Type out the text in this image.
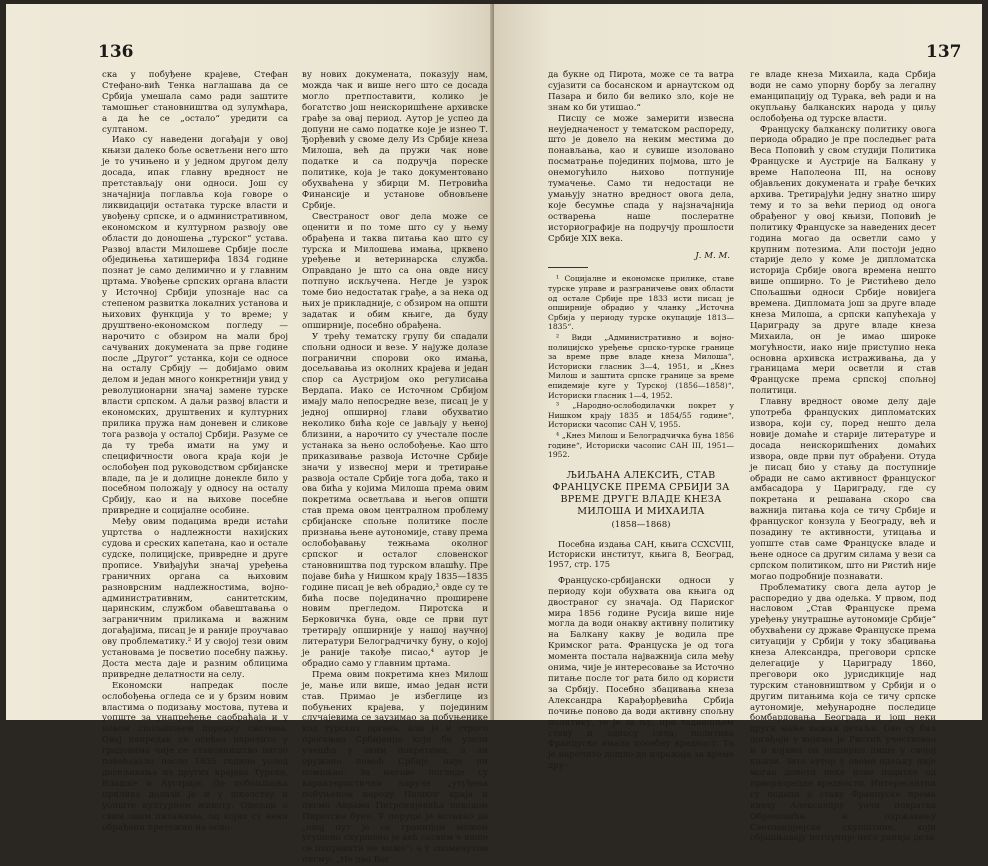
136

ска у побуђене крајеве, Стефан Стефано-вић Тенка наглашава да се Србија умешала само ради заштите тамошњег становништва од зулумћара, а да ће се „остало“ уредити са султаном.

Иако су наведени догађаји у овој књизи далеко боље осветљени него што је то учињено и у једном другом делу досада, ипак главну вредност не претстављају они односи. Још су значајнија поглавља која говоре о ликвидацији остатака турске власти и увођењу српске, и о административном, економском и културном развоју ове области до доношења „турског“ устава. Развој власти Милошеве Србије после обједињења хатишерифа 1834 године познат је само делимично и у главним цртама. Увођење српских органа власти у Источној Србији упознаје нас са степеном развитка локалних установа и њихових функција у то време; у друштвено-економском погледу — нарочито с обзиром на мали број сачуваних докумената за прве године после „Другог“ устанка, који се односе на осталу Србију — добијамо овим делом и један много конкретнији увид у револуционарни значај замене турске власти српском. А даљи развој власти и економских, друштвених и културних прилика пружа нам доневен и сликове тога развоја у осталој Србији. Разуме се да ту треба имати на уму и специфичности овога краја који је ослобођен под руководством србијанске владе, па је и долицне донекле било у посебном положају у односу на осталу Србију, као и на њихове посебне привредне и социјалне особине.

Међу овим подацима вреди истаћи уцртства о надлежности нахијских судова и среских капетана, као и остале судске, полицијске, привредне и друге прописе. Увиђајући значај уређења граничних органа са њиховим разноврсним надлежностима, војно-административним, санитетским, царинским, службом обавештавања о заграничним приликама и важним догађајима, писац је и раније проучавао ову проблематику.² И у својој тези овим установама је посветио посебну пажњу. Доста места даје и разним облицима привредне делатности на селу.

Економски напредак после ослобођења огледа се и у брзим новим властима о подизању мостова, путева и уопште за унапређење саобраћаја и у новом спољашњем поредку система. Овај напредак се осећао нарочито у градовима чије се становништво нагло повећавало после 1835 године услед досељавања из других крајева Турске, Влашке и Аустрије. До побољшања прилика долази је и у школству и уопште културном животу. Одељци о свим овим питањима, од којих су неки обрађени претежно на осно-

ву нових докумената, показују нам, можда чак и више него што се досада могло претпоставити, колико је богатство још неискоришћене архивске грађе за овај период. Аутор је успео да допуни не само податке које је изнео Т. Ђорђевић у своме делу Из Србије кнеза Милоша, већ да пружи чак нове податке и са подручја пореске политике, која је тако документовано обухваћена у збирци М. Петровића Финансије и установе обновљене Србије.

Свестраност овог дела може се оценити и по томе што су у њему обрађена и таква питања као што су турска и Милошева имања, црквено уређење и ветеринарска служба. Оправдано је што са она овде нису потпуно искључена. Негде је узрок томе био недостатак грађе, а за нека од њих је прикладније, с обзиром на општи задатак и обим књиге, да буду опширније, посебно обрађена.

У трећу тематску групу би спадали спољни односи и везе. У најуже долазе погранични спорови око имања, досељавања из околних крајева и један спор са Аустријом око регулисања Вердапа. Иако се Источном Србијом имају мало непосредне везе, писац је у једној опширној глави обухватио неколико бића које се јављају у њеној близини, а нарочито су учестале после устанака за њено ослобођење. Као што приказивање развоја Источне Србије значи у извесној мери и третирање развоја остале Србије тога доба, тако и ова бића у којима Милоша према овим покретима осветљава и његов општи став према овом централном проблему србијанске спољне политике после признања њене аутономије, ставу према ослобођавању тежњама околног српског и осталог словенског становништва под турском влашћу. Пре појаве бића у Нишком крају 1835—1835 године писац је већ обрадио,³ овде су те бића посве појединачно проширене новим прегледом. Пиротска и Берковичка буна, овде се први пут третирају опширније у нашој научној литератури Белоградчичку буну, о којој је раније такође писао,⁴ аутор је обрадио само у главним цртама.

Према овим покретима кнез Милош је, мање или више, имао један исти став. Примао је избеглице из побуњених крајева, у појединим случајевима се заузимао за побуњенике код турских органа, али је и строго прогањао Србијанце који би узели учешћа у овим покретима, а ли оружано помоћ Србије није ни помињао. За његове погледе су карактеристични наруча „утуђена побуњеном народу Нишког краја и писмо Аврама Петронијевића поводом Пиротске буне. У поруци је истакао да „овај пут је са границом можом угушено скуршено је већ сасвим е више се поправити не може“; а у споменутом писму: „Не дао Бог

137

да букне од Пирота, може се та ватра сујазити са босанском и арнаутском од Пазара и било би велико зло, које не знам ко би утишао.“

Писцу се може замерити извесна неуједначеност у тематском распореду, што је довело на неким местима до понављања, као и сувише изоловано посматрање појединих појмова, што је онемогућило њихово потпуније тумачење. Само ти недостаци не умањују знатно вредност овога дела, које бесумње спада у најзначајнија остварења наше послератне историографије на подручју прошлости Србије XIX века.

Ј. М. М.

¹ Социјалне и економске прилике, ставе турске управе и разграничење ових области од остале Србије пре 1833 исти писац је опширније обрадио у чланку „Источна Србија у периоду турске окупације 1813—1835“.

² Види „Административно и војно-полицијско уређење српско-турске границе за време прве владе кнеза Милоша“, Историски гласник 3—4, 1951, и „Кнез Милош и заштита српске границе за време епидемије куге у Турској (1856—1858)“, Историски гласник 1—4, 1952.

³ „Народно-ослободилачки покрет у Нишком крају 1835 и 1854/55 године“, Историски часопис САН V, 1955.

⁴ „Кнез Милош и Белоградчичка буна 1856 године“, Историски часопис САН III, 1951—1952.

ЉИЉАНА АЛЕКСИЋ, СТАВ ФРАНЦУСКЕ ПРЕМА СРБИЈИ ЗА ВРЕМЕ ДРУГЕ ВЛАДЕ КНЕЗА МИЛОША И МИХАИЛА
(1858—1868)

Посебна издања САН, књига CCXCVIII, Историски институт, књига 8, Београд, 1957, стр. 175

Француско-србијански односи у периоду који обухвата ова књига од двостраног су значаја. Од Париског мира 1856 године Русија више није могла да води онакву активну политику на Балкану какву је водила пре Кримског рата. Француска је од тога момента постала најважнија сила међу онима, чије је интересовање за Источно питање после тог рата било од користи за Србију. Посебно збацивања кнеза Александра Карађорђевића Србија почиње поново да води активну спољну политику, те је за њу, при таданшњем ставу и односу сила, политика Француске имала посебну вредност. То је нарочито дошло до изражаја за време дру-

ге владе кнеза Михаила, када Србија води не само упорну борбу за легалну еманципацију од Турака, већ ради и на окупљању балканских народа у циљу ослобођења од турске власти.

Француску балканску политику овога периода обрадио је пре последњег рата Веса Поповић у свом студији Политика Француске и Аустрије на Балкану у време Наполеона III, на основу објављених докумената и грађе бечких архива. Третирајући једну знатно ширу тему и то за већи период од онога обрађеног у овој књизи, Поповић је политику Француске за наведених десет година могао да осветли само у крупним потезима. Али постоји једно старије дело у коме је дипломатска историја Србије овога времена нешто више опширно. То је Ристићево дело Спољашњи односи Србије новијега времена. Дипломата још за друге владе кнеза Милоша, а српски капућехаја у Цариграду за друге владе кнеза Михаила, он је имао широке могућности, иако није приступио нека основна архивска истраживања, да у границама мери осветли и став Француске према српској спољној политици.

Главну вредност овоме делу даје употреба француских дипломатских извора, који су, поред нешто дела новије домаће и старије литературе и досада неискоришћених домаћих извора, овде први пут обрађени. Отуда је писац био у стању да поступније обради не само активност француског амбасадора у Цариграду, где су покретана и решавана скоро сва важнија питања која се тичу Србије и француског конзула у Београду, већ и позадину те активности, утицања и уопште став саме Француске владе и њене односе са другим силама у вези са српском политиком, што ни Ристић није могао подробније познавати.

Проблематику свога дела аутор је распоредио у два одељка. У првом, под насловом „Став Француске према уређењу унутрашње аутономије Србије“ обухваћени су државе Француске према ситуацији у Србији у току збацивања кнеза Александра, преговори српске делегације у Цариграду 1860, преговори око јурисдикције над турским становништвом у Србији и о другим питањима која се тичу српске аутономије, међународне последице бомбардовања Београда и још неки други мање важни детаљи. Ово су бил догађаји у којима је Ристић учествовао и о којима он опширно пише у својој књизи. Зато аутор у овоме одељку није могао донети неке нове податке од прворазредне вредности. Интересантни су подаци о ставу Француске према кнезу Александру уочи повратка Обреновића и одржавању Светоандрејске скупштине, који објашњавају потпуније него ранија дела
